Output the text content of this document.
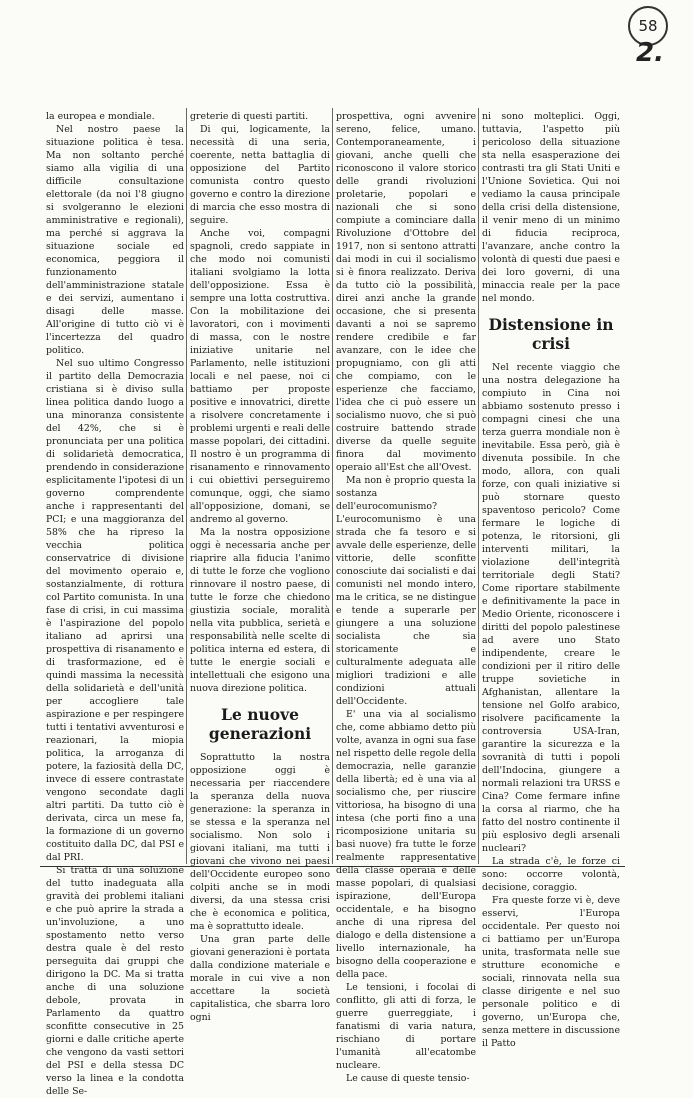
58
2.

la europea e mondiale.

Nel nostro paese la situazione politica è tesa. Ma non soltanto perché siamo alla vigilia di una difficile consultazione elettorale (da noi l'8 giugno si svolgeranno le elezioni amministrative e regionali), ma perché si aggrava la situazione sociale ed economica, peggiora il funzionamento dell'amministrazione statale e dei servizi, aumentano i disagi delle masse. All'origine di tutto ciò vi è l'incertezza del quadro politico.

Nel suo ultimo Congresso il partito della Democrazia cristiana si è diviso sulla linea politica dando luogo a una minoranza consistente del 42%, che si è pronunciata per una politica di solidarietà democratica, prendendo in considerazione esplicitamente l'ipotesi di un governo comprendente anche i rappresentanti del PCI; e una maggioranza del 58% che ha ripreso la vecchia politica conservatrice di divisione del movimento operaio e, sostanzialmente, di rottura col Partito comunista. In una fase di crisi, in cui massima è l'aspirazione del popolo italiano ad aprirsi una prospettiva di risanamento e di trasformazione, ed è quindi massima la necessità della solidarietà e dell'unità per accogliere tale aspirazione e per respingere tutti i tentativi avventurosi e reazionari, la miopia politica, la arroganza di potere, la faziosità della DC, invece di essere contrastate vengono secondate dagli altri partiti. Da tutto ciò è derivata, circa un mese fa, la formazione di un governo costituito dalla DC, dal PSI e dal PRI.

Si tratta di una soluzione del tutto inadeguata alla gravità dei problemi italiani e che può aprire la strada a un'involuzione, a uno spostamento netto verso destra quale è del resto perseguita dai gruppi che dirigono la DC. Ma si tratta anche di una soluzione debole, provata in Parlamento da quattro sconfitte consecutive in 25 giorni e dalle critiche aperte che vengono da vasti settori del PSI e della stessa DC verso la linea e la condotta delle Se-

greterie di questi partiti.

Di qui, logicamente, la necessità di una seria, coerente, netta battaglia di opposizione del Partito comunista contro questo governo e contro la direzione di marcia che esso mostra di seguire.

Anche voi, compagni spagnoli, credo sappiate in che modo noi comunisti italiani svolgiamo la lotta dell'opposizione. Essa è sempre una lotta costruttiva. Con la mobilitazione dei lavoratori, con i movimenti di massa, con le nostre iniziative unitarie nel Parlamento, nelle istituzioni locali e nel paese, noi ci battiamo per proposte positive e innovatrici, dirette a risolvere concretamente i problemi urgenti e reali delle masse popolari, dei cittadini. Il nostro è un programma di risanamento e rinnovamento i cui obiettivi perseguiremo comunque, oggi, che siamo all'opposizione, domani, se andremo al governo.

Ma la nostra opposizione oggi è necessaria anche per riaprire alla fiducia l'animo di tutte le forze che vogliono rinnovare il nostro paese, di tutte le forze che chiedono giustizia sociale, moralità nella vita pubblica, serietà e responsabilità nelle scelte di politica interna ed estera, di tutte le energie sociali e intellettuali che esigono una nuova direzione politica.

Le nuove generazioni

Soprattutto la nostra opposizione oggi è necessaria per riaccendere la speranza della nuova generazione: la speranza in se stessa e la speranza nel socialismo. Non solo i giovani italiani, ma tutti i giovani che vivono nei paesi dell'Occidente europeo sono colpiti anche se in modi diversi, da una stessa crisi che è economica e politica, ma è soprattutto ideale.

Una gran parte delle giovani generazioni è portata dalla condizione materiale e morale in cui vive a non accettare la società capitalistica, che sbarra loro ogni

prospettiva, ogni avvenire sereno, felice, umano. Contemporaneamente, i giovani, anche quelli che riconoscono il valore storico delle grandi rivoluzioni proletarie, popolari e nazionali che si sono compiute a cominciare dalla Rivoluzione d'Ottobre del 1917, non si sentono attratti dai modi in cui il socialismo si è finora realizzato. Deriva da tutto ciò la possibilità, direi anzi anche la grande occasione, che si presenta davanti a noi se sapremo rendere credibile e far avanzare, con le idee che propugniamo, con gli atti che compiamo, con le esperienze che facciamo, l'idea che ci può essere un socialismo nuovo, che si può costruire battendo strade diverse da quelle seguite finora dal movimento operaio all'Est che all'Ovest.

Ma non è proprio questa la sostanza dell'eurocomunismo? L'eurocomunismo è una strada che fa tesoro e si avvale delle esperienze, delle vittorie, delle sconfitte conosciute dai socialisti e dai comunisti nel mondo intero, ma le critica, se ne distingue e tende a superarle per giungere a una soluzione socialista che sia storicamente e culturalmente adeguata alle migliori tradizioni e alle condizioni attuali dell'Occidente.

E' una via al socialismo che, come abbiamo detto più volte, avanza in ogni sua fase nel rispetto delle regole della democrazia, nelle garanzie della libertà; ed è una via al socialismo che, per riuscire vittoriosa, ha bisogno di una intesa (che porti fino a una ricomposizione unitaria su basi nuove) fra tutte le forze realmente rappresentative della classe operaia e delle masse popolari, di qualsiasi ispirazione, dell'Europa occidentale, e ha bisogno anche di una ripresa del dialogo e della distensione a livello internazionale, ha bisogno della cooperazione e della pace.

Le tensioni, i focolai di conflitto, gli atti di forza, le guerre guerreggiate, i fanatismi di varia natura, rischiano di portare l'umanità all'ecatombe nucleare.

Le cause di queste tensio-

ni sono molteplici. Oggi, tuttavia, l'aspetto più pericoloso della situazione sta nella esasperazione dei contrasti tra gli Stati Uniti e l'Unione Sovietica. Qui noi vediamo la causa principale della crisi della distensione, il venir meno di un minimo di fiducia reciproca, l'avanzare, anche contro la volontà di questi due paesi e dei loro governi, di una minaccia reale per la pace nel mondo.

Distensione in crisi

Nel recente viaggio che una nostra delegazione ha compiuto in Cina noi abbiamo sostenuto presso i compagni cinesi che una terza guerra mondiale non è inevitabile. Essa però, già è divenuta possibile. In che modo, allora, con quali forze, con quali iniziative si può stornare questo spaventoso pericolo? Come fermare le logiche di potenza, le ritorsioni, gli interventi militari, la violazione dell'integrità territoriale degli Stati? Come riportare stabilmente e definitivamente la pace in Medio Oriente, riconoscere i diritti del popolo palestinese ad avere uno Stato indipendente, creare le condizioni per il ritiro delle truppe sovietiche in Afghanistan, allentare la tensione nel Golfo arabico, risolvere pacificamente la controversia USA-Iran, garantire la sicurezza e la sovranità di tutti i popoli dell'Indocina, giungere a normali relazioni tra URSS e Cina? Come fermare infine la corsa al riarmo, che ha fatto del nostro continente il più esplosivo degli arsenali nucleari?

La strada c'è, le forze ci sono: occorre volontà, decisione, coraggio.

Fra queste forze vi è, deve esservi, l'Europa occidentale. Per questo noi ci battiamo per un'Europa unita, trasformata nelle sue strutture economiche e sociali, rinnovata nella sua classe dirigente e nel suo personale politico e di governo, un'Europa che, senza mettere in discussione il Patto
